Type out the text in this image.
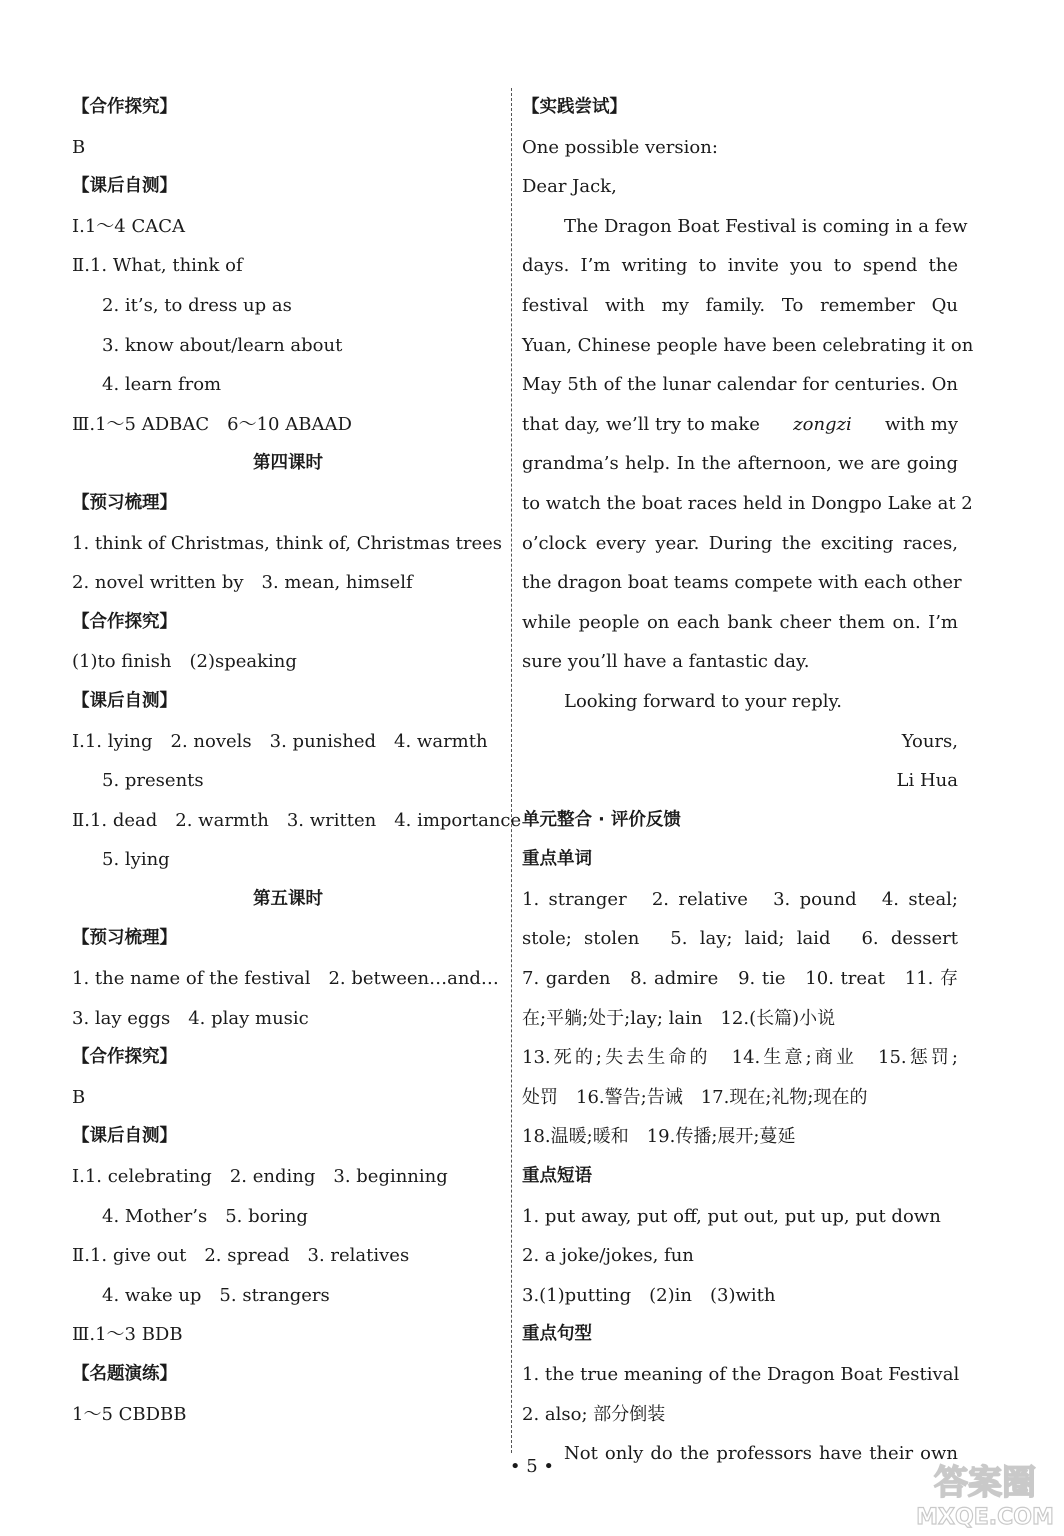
【合作探究】
B
【课后自测】
Ⅰ.1～4 CACA
Ⅱ.1. What, think of
2. it’s, to dress up as
3. know about/learn about
4. learn from
Ⅲ.1～5 ADBAC　6～10 ABAAD
第四课时
【预习梳理】
1. think of Christmas, think of, Christmas trees
2. novel written by　3. mean, himself
【合作探究】
(1)to finish　(2)speaking
【课后自测】
Ⅰ.1. lying　2. novels　3. punished　4. warmth
5. presents
Ⅱ.1. dead　2. warmth　3. written　4. importance
5. lying
第五课时
【预习梳理】
1. the name of the festival　2. between…and…
3. lay eggs　4. play music
【合作探究】
B
【课后自测】
Ⅰ.1. celebrating　2. ending　3. beginning
4. Mother’s　5. boring
Ⅱ.1. give out　2. spread　3. relatives
4. wake up　5. strangers
Ⅲ.1～3 BDB
【名题演练】
1～5 CBDBB
【实践尝试】
One possible version:
Dear Jack,
The Dragon Boat Festival is coming in a few
days. I’m writing to invite you to spend the
festival with my family. To remember Qu
Yuan, Chinese people have been celebrating it on
May 5th of the lunar calendar for centuries. On
that day, we’ll try to make zongzi with my
grandma’s help. In the afternoon, we are going
to watch the boat races held in Dongpo Lake at 2
o’clock every year. During the exciting races,
the dragon boat teams compete with each other
while people on each bank cheer them on. I’m
sure you’ll have a fantastic day.
Looking forward to your reply.
Yours,
Li Hua
单元整合 · 评价反馈
重点单词
1. stranger　2. relative　3. pound　4. steal;
stole; stolen　5. lay; laid; laid　6. dessert
7. garden　8. admire　9. tie　10. treat　11. 存
在;平躺;处于;lay; lain　12.(长篇)小说
13.死的;失去生命的　14.生意;商业　15.惩罚;
处罚　16.警告;告诫　17.现在;礼物;现在的
18.温暖;暖和　19.传播;展开;蔓延
重点短语
1. put away, put off, put out, put up, put down
2. a joke/jokes, fun
3.(1)putting　(2)in　(3)with
重点句型
1. the true meaning of the Dragon Boat Festival
2. also; 部分倒装
Not only do the professors have their own
• 5 •	答案圈
MXQE.COM
